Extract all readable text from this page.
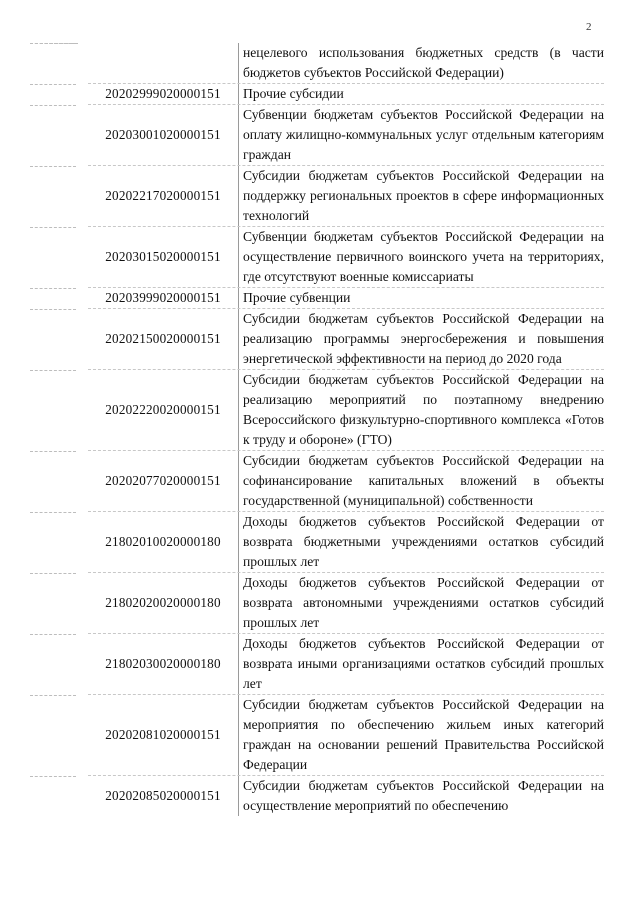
2
нецелевого использования бюджетных средств (в части бюджетов субъектов Российской Федерации)
20202999020000151	Прочие субсидии
20203001020000151
Субвенции бюджетам субъектов Российской Федерации на оплату жилищно-коммунальных услуг отдельным категориям граждан
20202217020000151
Субсидии бюджетам субъектов Российской Федерации на поддержку региональных проектов в сфере информационных технологий
20203015020000151
Субвенции бюджетам субъектов Российской Федерации на осуществление первичного воинского учета на территориях, где отсутствуют военные комиссариаты
20203999020000151	Прочие субвенции
20202150020000151
Субсидии бюджетам субъектов Российской Федерации на реализацию программы энергосбережения и повышения энергетической эффективности на период до 2020 года
20202220020000151
Субсидии бюджетам субъектов Российской Федерации на реализацию мероприятий по поэтапному внедрению Всероссийского физкультурно-спортивного комплекса «Готов к труду и обороне» (ГТО)
20202077020000151
Субсидии бюджетам субъектов Российской Федерации на софинансирование капитальных вложений в объекты государственной (муниципальной) собственности
21802010020000180
Доходы бюджетов субъектов Российской Федерации от возврата бюджетными учреждениями остатков субсидий прошлых лет
21802020020000180
Доходы бюджетов субъектов Российской Федерации от возврата автономными учреждениями остатков субсидий прошлых лет
21802030020000180
Доходы бюджетов субъектов Российской Федерации от возврата иными организациями остатков субсидий прошлых лет
20202081020000151
Субсидии бюджетам субъектов Российской Федерации на мероприятия по обеспечению жильем иных категорий граждан на основании решений Правительства Российской Федерации
20202085020000151
Субсидии бюджетам субъектов Российской Федерации на осуществление мероприятий по обеспечению
